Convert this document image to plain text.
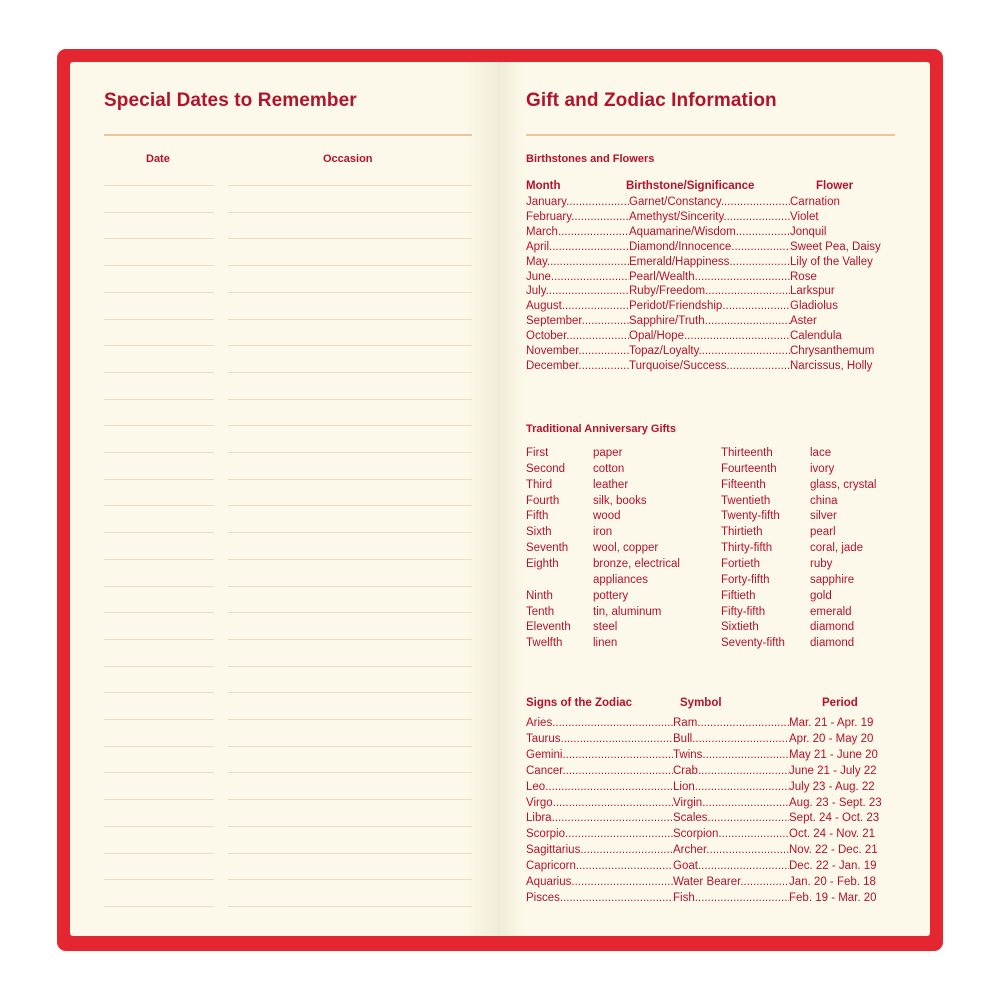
Special Dates to Remember
Date	Occasion
Gift and Zodiac Information
Birthstones and Flowers
Month	Birthstone/Significance	Flower
January .....	Garnet/Constancy .....	Carnation
February .....	Amethyst/Sincerity .....	Violet
March .....	Aquamarine/Wisdom .....	Jonquil
April .....	Diamond/Innocence .....	Sweet Pea, Daisy
May .....	Emerald/Happiness .....	Lily of the Valley
June .....	Pearl/Wealth .....	Rose
July .....	Ruby/Freedom .....	Larkspur
August .....	Peridot/Friendship .....	Gladiolus
September .....	Sapphire/Truth .....	Aster
October .....	Opal/Hope .....	Calendula
November .....	Topaz/Loyalty .....	Chrysanthemum
December .....	Turquoise/Success .....	Narcissus, Holly
Traditional Anniversary Gifts
First	paper
Second cotton
Third	leather
Fourth	silk, books
Fifth	wood
Sixth	iron
Seventh wool, copper
Eighth	bronze, electrical
appliances
Ninth	pottery
Tenth	tin, aluminum
Eleventh steel
Twelfth	linen
Thirteenth	lace
Fourteenth	ivory
Fifteenth	glass, crystal
Twentieth	china
Twenty-fifth	silver
Thirtieth	pearl
Thirty-fifth	coral, jade
Fortieth	ruby
Forty-fifth	sapphire
Fiftieth	gold
Fifty-fifth	emerald
Sixtieth	diamond
Seventy-fifth diamond
Signs of the Zodiac	Symbol	Period
Aries .....	Ram .....	Mar. 21 - Apr. 19
Taurus .....	Bull .....	Apr. 20 - May 20
Gemini .....	Twins .....	May 21 - June 20
Cancer .....	Crab .....	June 21 - July 22
Leo .....	Lion .....	July 23 - Aug. 22
Virgo .....	Virgin .....	Aug. 23 - Sept. 23
Libra .....	Scales .....	Sept. 24 - Oct. 23
Scorpio .....	Scorpion .....	Oct. 24 - Nov. 21
Sagittarius .....	Archer .....	Nov. 22 - Dec. 21
Capricorn .....	Goat .....	Dec. 22 - Jan. 19
Aquarius .....	Water Bearer .....	Jan. 20 - Feb. 18
Pisces .....	Fish .....	Feb. 19 - Mar. 20
